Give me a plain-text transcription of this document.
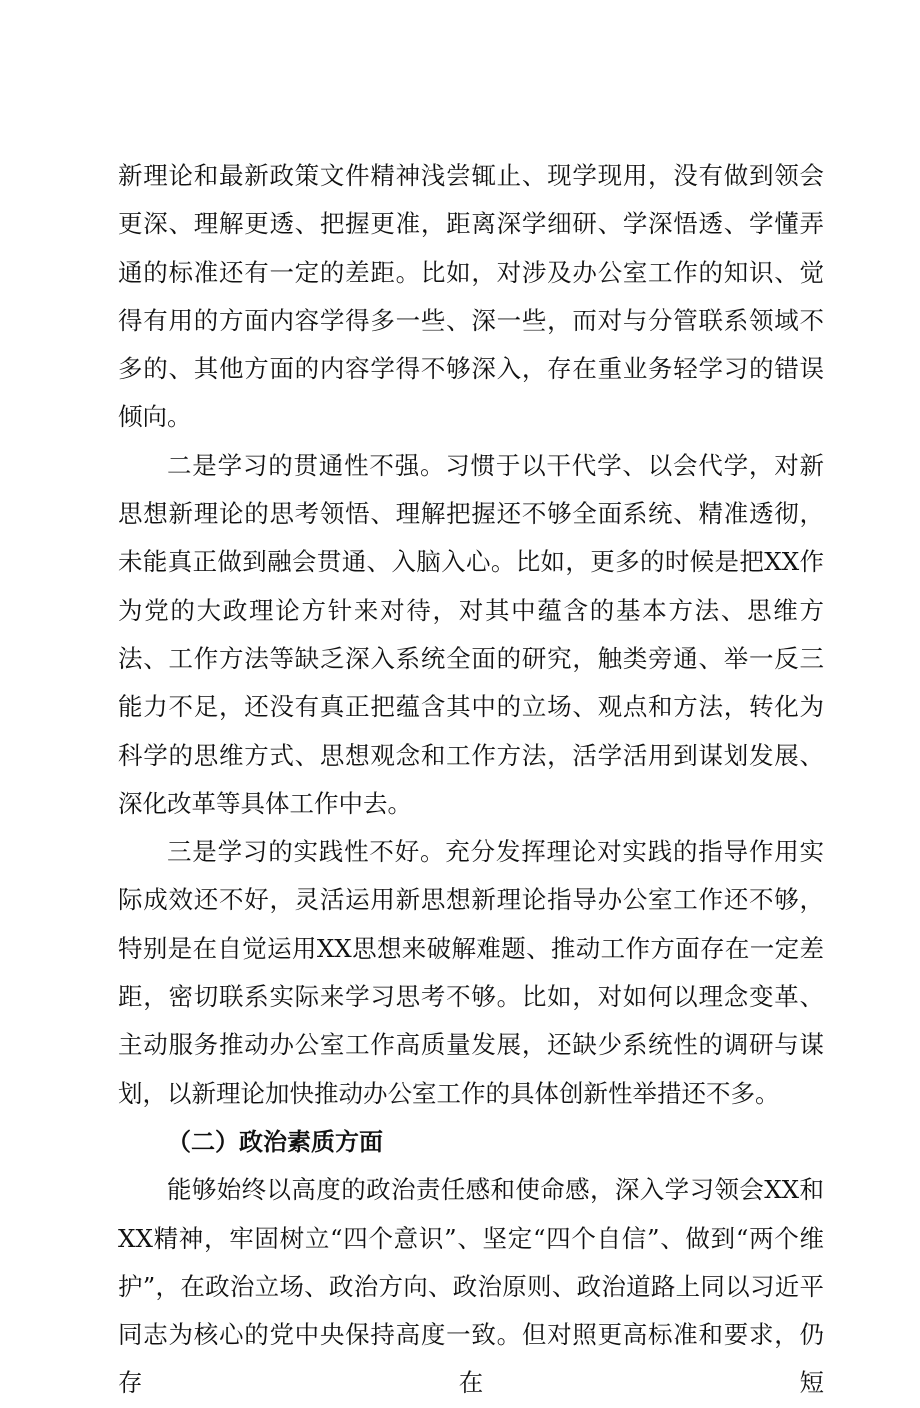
新理论和最新政策文件精神浅尝辄止、现学现用，没有做到领会更深、理解更透、把握更准，距离深学细研、学深悟透、学懂弄通的标准还有一定的差距。比如，对涉及办公室工作的知识、觉得有用的方面内容学得多一些、深一些，而对与分管联系领域不多的、其他方面的内容学得不够深入，存在重业务轻学习的错误倾向。

二是学习的贯通性不强。习惯于以干代学、以会代学，对新思想新理论的思考领悟、理解把握还不够全面系统、精准透彻，未能真正做到融会贯通、入脑入心。比如，更多的时候是把XX作为党的大政理论方针来对待，对其中蕴含的基本方法、思维方法、工作方法等缺乏深入系统全面的研究，触类旁通、举一反三能力不足，还没有真正把蕴含其中的立场、观点和方法，转化为科学的思维方式、思想观念和工作方法，活学活用到谋划发展、深化改革等具体工作中去。

三是学习的实践性不好。充分发挥理论对实践的指导作用实际成效还不好，灵活运用新思想新理论指导办公室工作还不够，特别是在自觉运用XX思想来破解难题、推动工作方面存在一定差距，密切联系实际来学习思考不够。比如，对如何以理念变革、主动服务推动办公室工作高质量发展，还缺少系统性的调研与谋划，以新理论加快推动办公室工作的具体创新性举措还不多。

（二）政治素质方面

能够始终以高度的政治责任感和使命感，深入学习领会XX和XX精神，牢固树立“四个意识”、坚定“四个自信”、做到“两个维护”，在政治立场、政治方向、政治原则、政治道路上同以习近平同志为核心的党中央保持高度一致。但对照更高标准和要求，仍存在短
